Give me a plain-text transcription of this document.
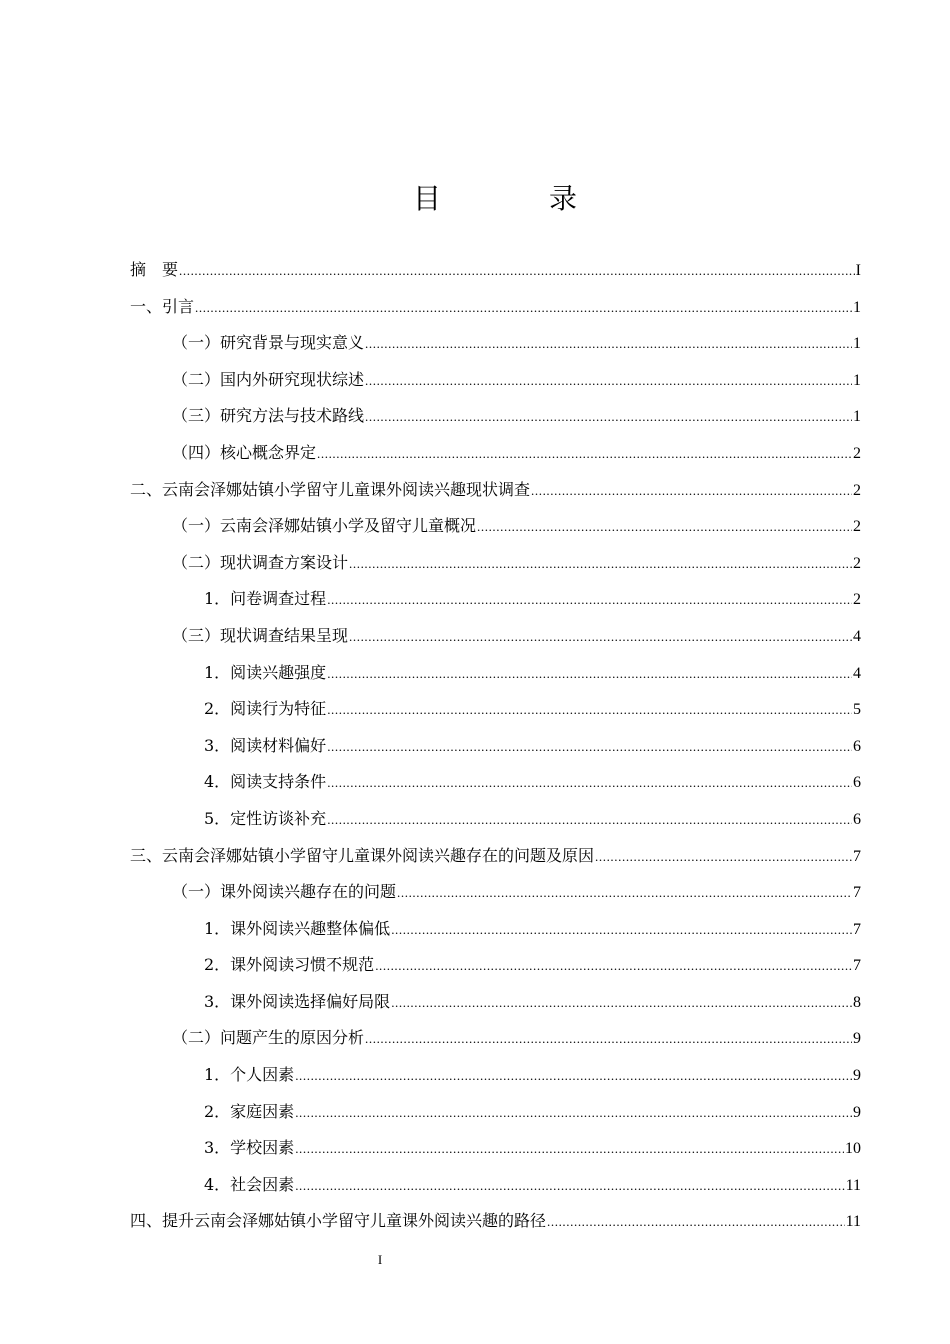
目　录
摘　要 .....	I
一、引言 .....	1
（一）研究背景与现实意义 .....	1
（二）国内外研究现状综述 .....	1
（三）研究方法与技术路线 .....	1
（四）核心概念界定 .....	2
二、云南会泽娜姑镇小学留守儿童课外阅读兴趣现状调查 .....	2
（一）云南会泽娜姑镇小学及留守儿童概况 .....	2
（二）现状调查方案设计 .....	2
1．问卷调查过程 .....	2
（三）现状调查结果呈现 .....	4
1．阅读兴趣强度 .....	4
2．阅读行为特征 .....	5
3．阅读材料偏好 .....	6
4．阅读支持条件 .....	6
5．定性访谈补充 .....	6
三、云南会泽娜姑镇小学留守儿童课外阅读兴趣存在的问题及原因 .....	7
（一）课外阅读兴趣存在的问题 .....	7
1．课外阅读兴趣整体偏低 .....	7
2．课外阅读习惯不规范 .....	7
3．课外阅读选择偏好局限 .....	8
（二）问题产生的原因分析 .....	9
1．个人因素 .....	9
2．家庭因素 .....	9
3．学校因素 .....	10
4．社会因素 .....	11
四、提升云南会泽娜姑镇小学留守儿童课外阅读兴趣的路径 .....	11
I
